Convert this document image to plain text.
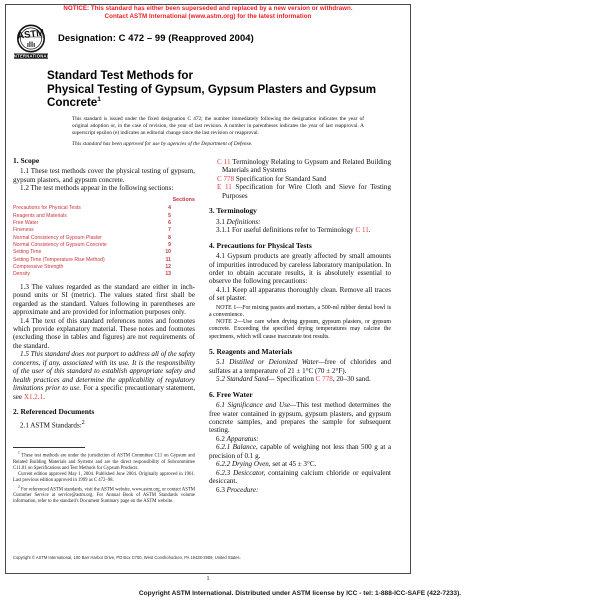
NOTICE: This standard has either been superseded and replaced by a new version or withdrawn.
Contact ASTM International (www.astm.org) for the latest information
ASTM
ıllı
INTERNATIONAL
Designation: C 472 – 99 (Reapproved 2004)
Standard Test Methods for
Physical Testing of Gypsum, Gypsum Plasters and Gypsum
Concrete$^1$
This standard is issued under the fixed designation C 472; the number immediately following the designation indicates the year of original adoption or, in the case of revision, the year of last revision. A number in parentheses indicates the year of last reapproval. A superscript epsilon (e) indicates an editorial change since the last revision or reapproval.
This standard has been approved for use by agencies of the Department of Defense.
1. Scope

1.1 These test methods cover the physical testing of gypsum, gypsum plasters, and gypsum concrete.

1.2 The test methods appear in the following sections:

Sections
Precautions for Physical Tests	4
Reagents and Materials	5
Free Water	6
Fineness	7
Normal Consistency of Gypsum Plaster	8
Normal Consistency of Gypsum Concrete	9
Setting Time	10
Setting Time (Temperature Rise Method)	11
Compressive Strength	12
Density	13

1.3 The values regarded as the standard are either in inch-pound units or SI (metric). The values stated first shall be regarded as the standard. Values following in parentheses are approximate and are provided for information purposes only.

1.4 The text of this standard references notes and footnotes which provide explanatory material. These notes and footnotes (excluding those in tables and figures) are not requirements of the standard.

1.5 This standard does not purport to address all of the safety concerns, if any, associated with its use. It is the responsibility of the user of this standard to establish appropriate safety and health practices and determine the applicability of regulatory limitations prior to use. For a specific precautionary statement, see X1.2.1.

2. Referenced Documents

2.1 ASTM Standards:$^2$

$^1$ These test methods are under the jurisdiction of ASTM Committee C11 on Gypsum and Related Building Materials and Systems and are the direct responsibility of Subcommittee C11.01 on Specifications and Test Methods for Gypsum Products.

Current edition approved May 1, 2004. Published June 2004. Originally approved in 1961. Last previous edition approved in 1999 as C 472–98.

$^2$ For referenced ASTM standards, visit the ASTM website, www.astm.org, or contact ASTM Customer Service at service@astm.org. For Annual Book of ASTM Standards volume information, refer to the standard's Document Summary page on the ASTM website.

C 11 Terminology Relating to Gypsum and Related Building Materials and Systems
C 778 Specification for Standard Sand
E 11 Specification for Wire Cloth and Sieve for Testing Purposes
3. Terminology

3.1 Definitions:

3.1.1 For useful definitions refer to Terminology C 11.

4. Precautions for Physical Tests

4.1 Gypsum products are greatly affected by small amounts of impurities introduced by careless laboratory manipulation. In order to obtain accurate results, it is absolutely essential to observe the following precautions:

4.1.1 Keep all apparatus thoroughly clean. Remove all traces of set plaster.

NOTE 1—For mixing pastes and mortars, a 500-ml rubber dental bowl is a convenience.

NOTE 2—Use care when drying gypsum, gypsum plasters, or gypsum concrete. Exceeding the specified drying temperatures may calcine the specimens, which will cause inaccurate test results.

5. Reagents and Materials

5.1 Distilled or Deionized Water—free of chlorides and sulfates at a temperature of 21 ± 1°C (70 ± 2°F).

5.2 Standard Sand— Specification C 778, 20–30 sand.

6. Free Water

6.1 Significance and Use—This test method determines the free water contained in gypsum, gypsum plasters, and gypsum concrete samples, and prepares the sample for subsequent testing.

6.2 Apparatus:

6.2.1 Balance, capable of weighing not less than 500 g at a precision of 0.1 g.

6.2.2 Drying Oven, set at 45 ± 3°C.

6.2.3 Desiccator, containing calcium chloride or equivalent desiccant.

6.3 Procedure:

Copyright © ASTM International, 100 Barr Harbor Drive, PO Box C700, West Conshohocken, PA 19428-2959, United States.
1
Copyright ASTM International. Distributed under ASTM license by ICC - tel: 1-888-ICC-SAFE (422-7233).
